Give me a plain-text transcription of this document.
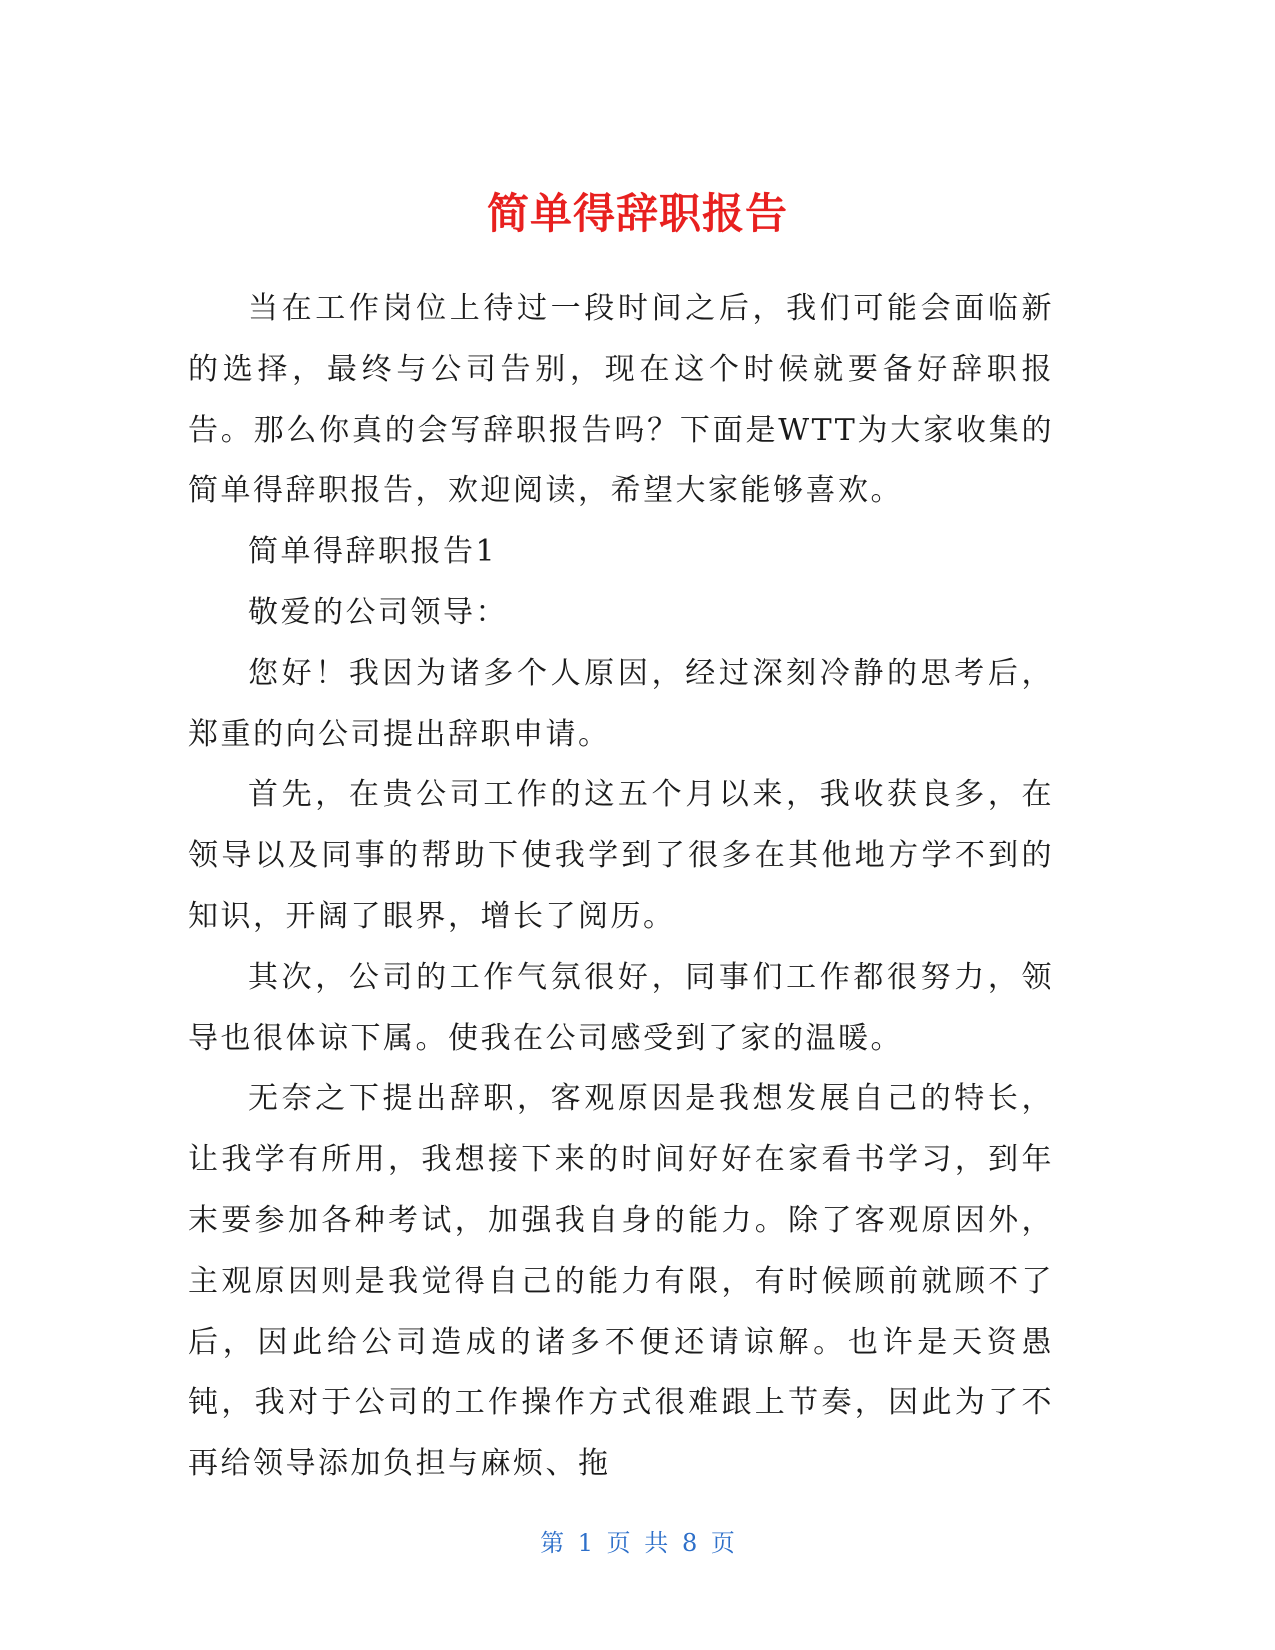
简单得辞职报告

当在工作岗位上待过一段时间之后，我们可能会面临新的选择，最终与公司告别，现在这个时候就要备好辞职报告。那么你真的会写辞职报告吗？下面是WTT为大家收集的简单得辞职报告，欢迎阅读，希望大家能够喜欢。

简单得辞职报告1

敬爱的公司领导：

您好！我因为诸多个人原因，经过深刻冷静的思考后，郑重的向公司提出辞职申请。

首先，在贵公司工作的这五个月以来，我收获良多，在领导以及同事的帮助下使我学到了很多在其他地方学不到的知识，开阔了眼界，增长了阅历。

其次，公司的工作气氛很好，同事们工作都很努力，领导也很体谅下属。使我在公司感受到了家的温暖。

无奈之下提出辞职，客观原因是我想发展自己的特长，让我学有所用，我想接下来的时间好好在家看书学习，到年末要参加各种考试，加强我自身的能力。除了客观原因外，主观原因则是我觉得自己的能力有限，有时候顾前就顾不了后，因此给公司造成的诸多不便还请谅解。也许是天资愚钝，我对于公司的工作操作方式很难跟上节奏，因此为了不再给领导添加负担与麻烦、拖

第 1 页 共 8 页
